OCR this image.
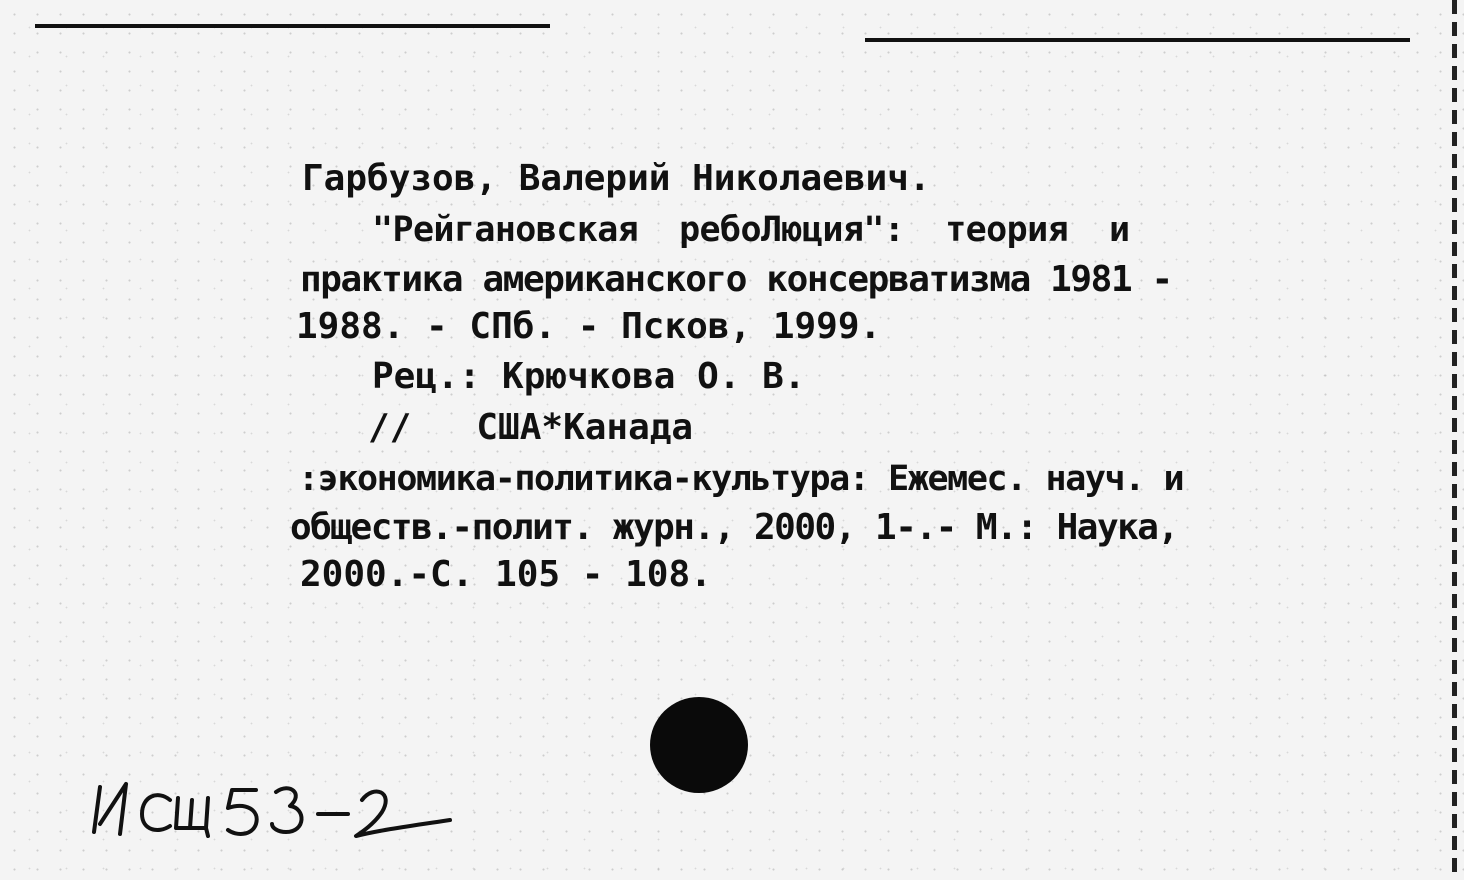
Гарбузов, Валерий Николаевич.
"Рейгановская  ребоЛюция":  теория  и
практика американского консерватизма 1981 -
1988. - СПб. - Псков, 1999.
Рец.: Крючкова О. В.
//   США*Канада
:экономика-политика-культура: Ежемес. науч. и
обществ.-полит. журн., 2000, 1-.- М.: Наука,
2000.-С. 105 - 108.
